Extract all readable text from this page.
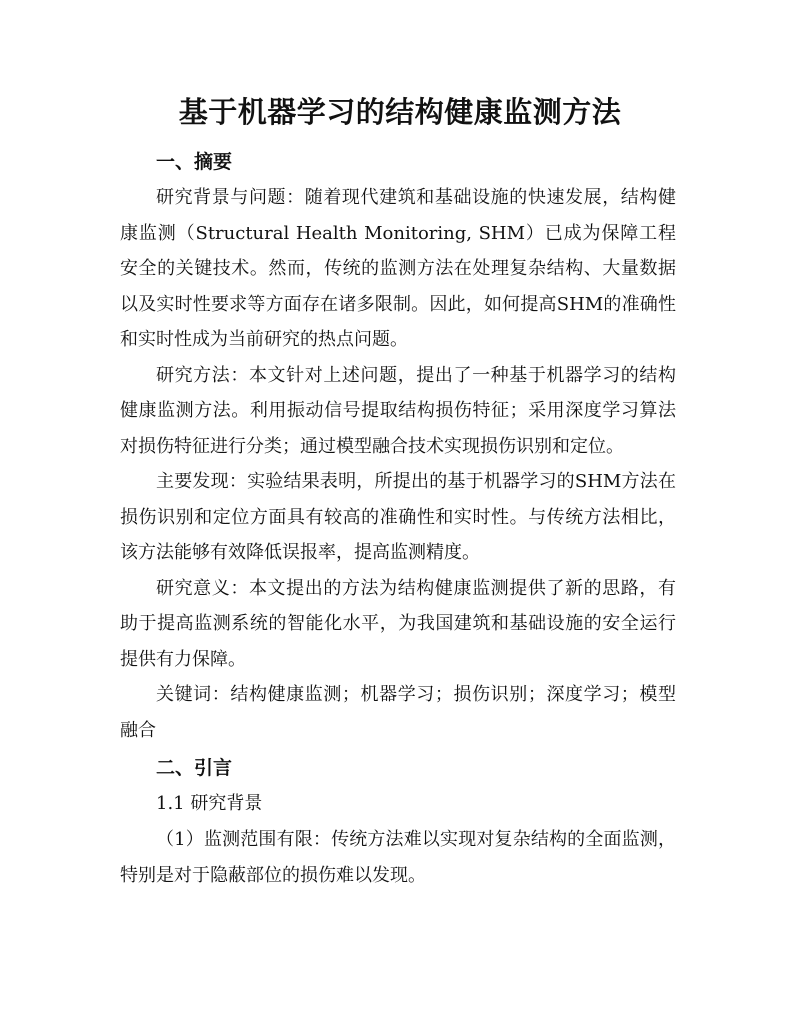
基于机器学习的结构健康监测方法

一、摘要

研究背景与问题：随着现代建筑和基础设施的快速发展，结构健康监测（Structural Health Monitoring, SHM）已成为保障工程安全的关键技术。然而，传统的监测方法在处理复杂结构、大量数据以及实时性要求等方面存在诸多限制。因此，如何提高SHM的准确性和实时性成为当前研究的热点问题。

研究方法：本文针对上述问题，提出了一种基于机器学习的结构健康监测方法。利用振动信号提取结构损伤特征；采用深度学习算法对损伤特征进行分类；通过模型融合技术实现损伤识别和定位。

主要发现：实验结果表明，所提出的基于机器学习的SHM方法在损伤识别和定位方面具有较高的准确性和实时性。与传统方法相比，该方法能够有效降低误报率，提高监测精度。

研究意义：本文提出的方法为结构健康监测提供了新的思路，有助于提高监测系统的智能化水平，为我国建筑和基础设施的安全运行提供有力保障。

关键词：结构健康监测；机器学习；损伤识别；深度学习；模型融合

二、引言

1.1 研究背景

（1）监测范围有限：传统方法难以实现对复杂结构的全面监测，特别是对于隐蔽部位的损伤难以发现。
